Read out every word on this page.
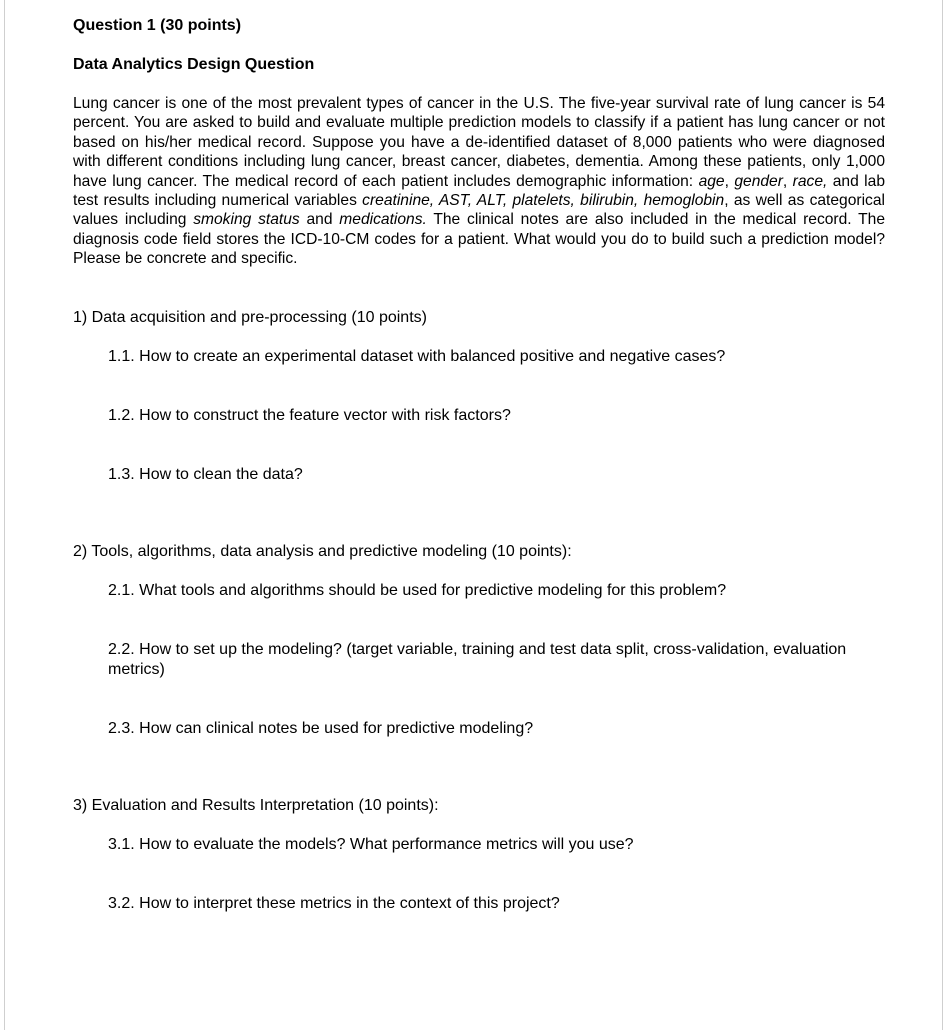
Question 1 (30 points)

Data Analytics Design Question

Lung cancer is one of the most prevalent types of cancer in the U.S. The five-year survival rate of lung cancer is 54 percent. You are asked to build and evaluate multiple prediction models to classify if a patient has lung cancer or not based on his/her medical record. Suppose you have a de-identified dataset of 8,000 patients who were diagnosed with different conditions including lung cancer, breast cancer, diabetes, dementia. Among these patients, only 1,000 have lung cancer. The medical record of each patient includes demographic information: age, gender, race, and lab test results including numerical variables creatinine, AST, ALT, platelets, bilirubin, hemoglobin, as well as categorical values including smoking status and medications. The clinical notes are also included in the medical record. The diagnosis code field stores the ICD-10-CM codes for a patient. What would you do to build such a prediction model? Please be concrete and specific.

1) Data acquisition and pre-processing (10 points)

1.1. How to create an experimental dataset with balanced positive and negative cases?

1.2. How to construct the feature vector with risk factors?

1.3. How to clean the data?

2) Tools, algorithms, data analysis and predictive modeling (10 points):

2.1. What tools and algorithms should be used for predictive modeling for this problem?

2.2. How to set up the modeling? (target variable, training and test data split, cross-validation, evaluation metrics)

2.3. How can clinical notes be used for predictive modeling?

3) Evaluation and Results Interpretation (10 points):

3.1. How to evaluate the models? What performance metrics will you use?

3.2. How to interpret these metrics in the context of this project?
